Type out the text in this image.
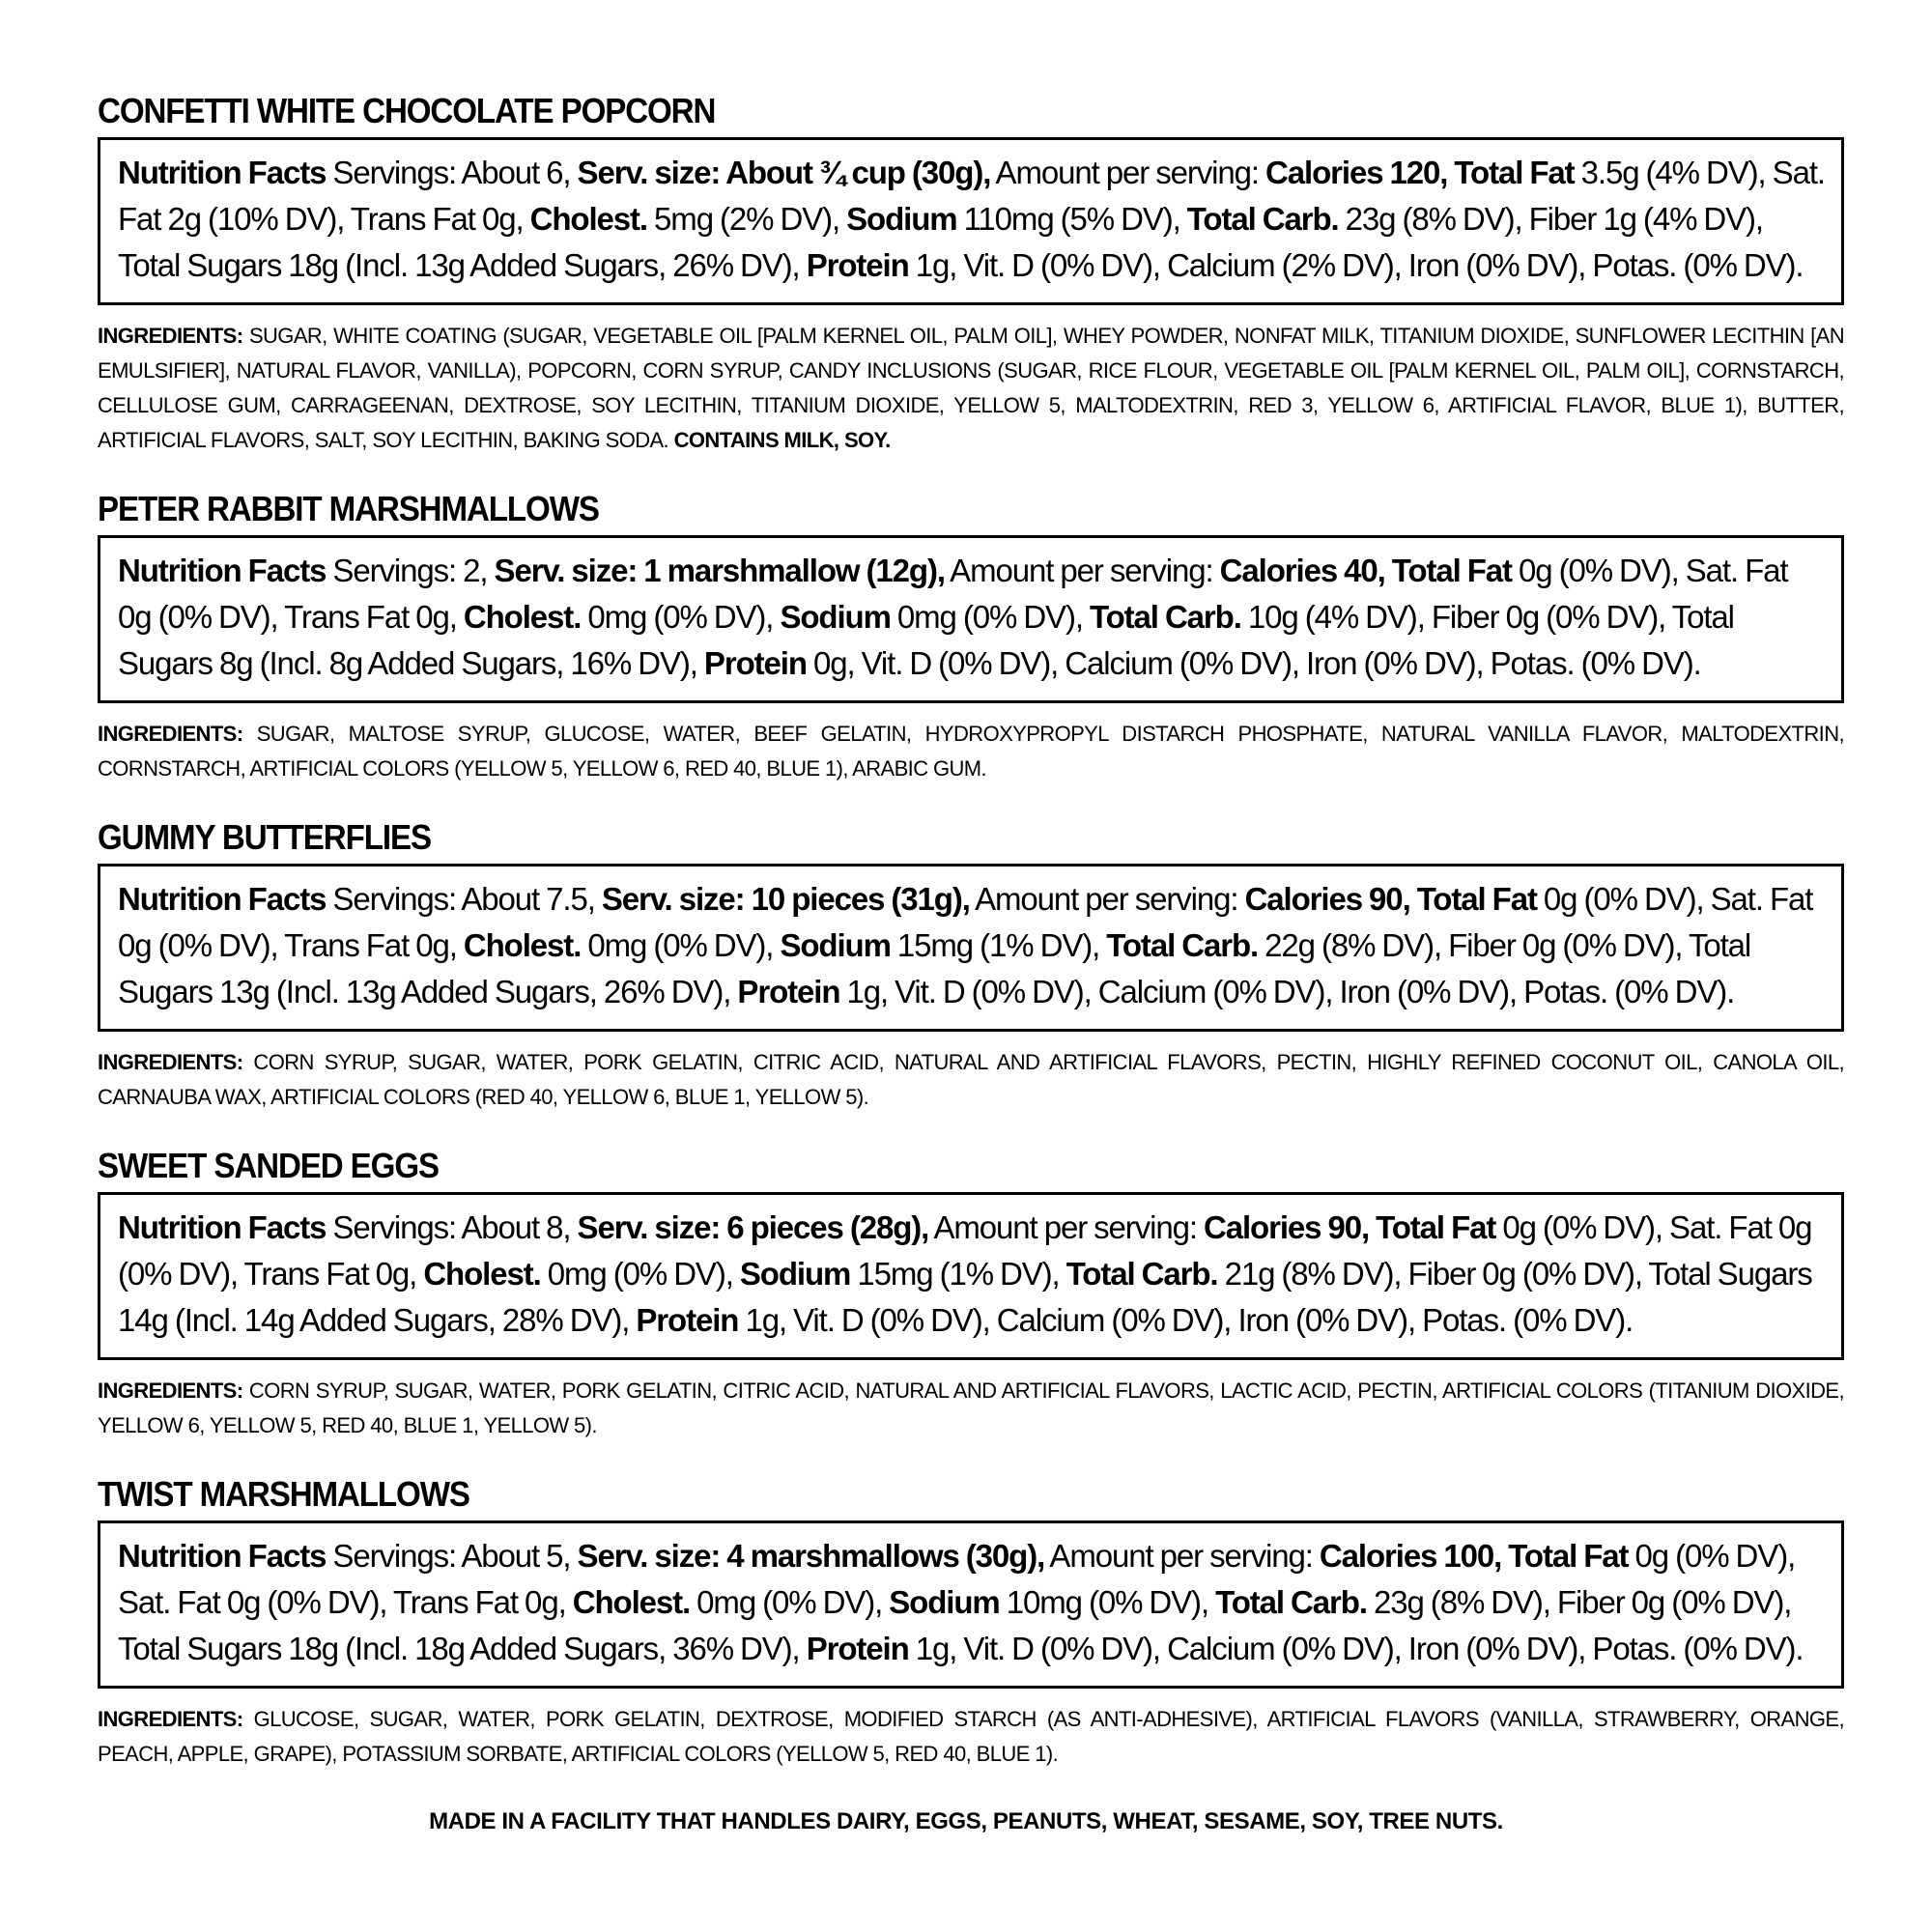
CONFETTI WHITE CHOCOLATE POPCORN
Nutrition Facts Servings: About 6, Serv. size: About ¾ cup (30g), Amount per serving: Calories 120, Total Fat 3.5g (4% DV), Sat. Fat 2g (10% DV), Trans Fat 0g, Cholest. 5mg (2% DV), Sodium 110mg (5% DV), Total Carb. 23g (8% DV), Fiber 1g (4% DV), Total Sugars 18g (Incl. 13g Added Sugars, 26% DV), Protein 1g, Vit. D (0% DV), Calcium (2% DV), Iron (0% DV), Potas. (0% DV).
INGREDIENTS: SUGAR, WHITE COATING (SUGAR, VEGETABLE OIL [PALM KERNEL OIL, PALM OIL], WHEY POWDER, NONFAT MILK, TITANIUM DIOXIDE, SUNFLOWER LECITHIN [AN EMULSIFIER], NATURAL FLAVOR, VANILLA), POPCORN, CORN SYRUP, CANDY INCLUSIONS (SUGAR, RICE FLOUR, VEGETABLE OIL [PALM KERNEL OIL, PALM OIL], CORNSTARCH, CELLULOSE GUM, CARRAGEENAN, DEXTROSE, SOY LECITHIN, TITANIUM DIOXIDE, YELLOW 5, MALTODEXTRIN, RED 3, YELLOW 6, ARTIFICIAL FLAVOR, BLUE 1), BUTTER, ARTIFICIAL FLAVORS, SALT, SOY LECITHIN, BAKING SODA. CONTAINS MILK, SOY.
PETER RABBIT MARSHMALLOWS
Nutrition Facts Servings: 2, Serv. size: 1 marshmallow (12g), Amount per serving: Calories 40, Total Fat 0g (0% DV), Sat. Fat 0g (0% DV), Trans Fat 0g, Cholest. 0mg (0% DV), Sodium 0mg (0% DV), Total Carb. 10g (4% DV), Fiber 0g (0% DV), Total Sugars 8g (Incl. 8g Added Sugars, 16% DV), Protein 0g, Vit. D (0% DV), Calcium (0% DV), Iron (0% DV), Potas. (0% DV).
INGREDIENTS: SUGAR, MALTOSE SYRUP, GLUCOSE, WATER, BEEF GELATIN, HYDROXYPROPYL DISTARCH PHOSPHATE, NATURAL VANILLA FLAVOR, MALTODEXTRIN, CORNSTARCH, ARTIFICIAL COLORS (YELLOW 5, YELLOW 6, RED 40, BLUE 1), ARABIC GUM.
GUMMY BUTTERFLIES
Nutrition Facts Servings: About 7.5, Serv. size: 10 pieces (31g), Amount per serving: Calories 90, Total Fat 0g (0% DV), Sat. Fat 0g (0% DV), Trans Fat 0g, Cholest. 0mg (0% DV), Sodium 15mg (1% DV), Total Carb. 22g (8% DV), Fiber 0g (0% DV), Total Sugars 13g (Incl. 13g Added Sugars, 26% DV), Protein 1g, Vit. D (0% DV), Calcium (0% DV), Iron (0% DV), Potas. (0% DV).
INGREDIENTS: CORN SYRUP, SUGAR, WATER, PORK GELATIN, CITRIC ACID, NATURAL AND ARTIFICIAL FLAVORS, PECTIN, HIGHLY REFINED COCONUT OIL, CANOLA OIL, CARNAUBA WAX, ARTIFICIAL COLORS (RED 40, YELLOW 6, BLUE 1, YELLOW 5).
SWEET SANDED EGGS
Nutrition Facts Servings: About 8, Serv. size: 6 pieces (28g), Amount per serving: Calories 90, Total Fat 0g (0% DV), Sat. Fat 0g (0% DV), Trans Fat 0g, Cholest. 0mg (0% DV), Sodium 15mg (1% DV), Total Carb. 21g (8% DV), Fiber 0g (0% DV), Total Sugars 14g (Incl. 14g Added Sugars, 28% DV), Protein 1g, Vit. D (0% DV), Calcium (0% DV), Iron (0% DV), Potas. (0% DV).
INGREDIENTS: CORN SYRUP, SUGAR, WATER, PORK GELATIN, CITRIC ACID, NATURAL AND ARTIFICIAL FLAVORS, LACTIC ACID, PECTIN, ARTIFICIAL COLORS (TITANIUM DIOXIDE, YELLOW 6, YELLOW 5, RED 40, BLUE 1, YELLOW 5).
TWIST MARSHMALLOWS
Nutrition Facts Servings: About 5, Serv. size: 4 marshmallows (30g), Amount per serving: Calories 100, Total Fat 0g (0% DV), Sat. Fat 0g (0% DV), Trans Fat 0g, Cholest. 0mg (0% DV), Sodium 10mg (0% DV), Total Carb. 23g (8% DV), Fiber 0g (0% DV), Total Sugars 18g (Incl. 18g Added Sugars, 36% DV), Protein 1g, Vit. D (0% DV), Calcium (0% DV), Iron (0% DV), Potas. (0% DV).
INGREDIENTS: GLUCOSE, SUGAR, WATER, PORK GELATIN, DEXTROSE, MODIFIED STARCH (AS ANTI-ADHESIVE), ARTIFICIAL FLAVORS (VANILLA, STRAWBERRY, ORANGE, PEACH, APPLE, GRAPE), POTASSIUM SORBATE, ARTIFICIAL COLORS (YELLOW 5, RED 40, BLUE 1).
MADE IN A FACILITY THAT HANDLES DAIRY, EGGS, PEANUTS, WHEAT, SESAME, SOY, TREE NUTS.
